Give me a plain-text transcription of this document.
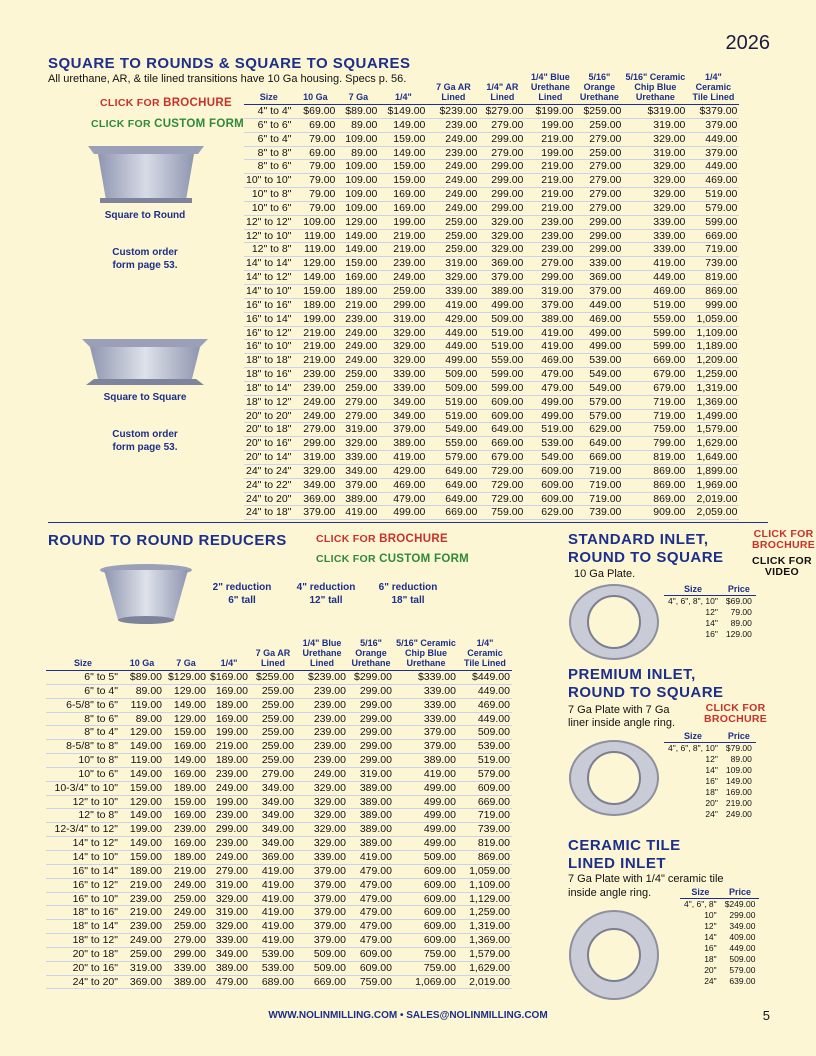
2026
SQUARE TO ROUNDS & SQUARE TO SQUARES
All urethane, AR, & tile lined transitions have 10 Ga housing. Specs p. 56.
CLICK FOR BROCHURE
CLICK FOR CUSTOM FORM
Square to Round
Custom order form page 53.
Square to Square
Custom order form page 53.
Size	10 Ga	7 Ga	1/4"	7 Ga AR Lined	1/4" AR Lined	1/4" Blue Urethane Lined	5/16" Orange Urethane	5/16" Ceramic Chip Blue Urethane	1/4" Ceramic Tile Lined
4" to 4"	$69.00	$89.00	$149.00	$239.00	$279.00	$199.00	$259.00	$319.00	$379.00
6" to 6"	69.00	89.00	149.00	239.00	279.00	199.00	259.00	319.00	379.00
6" to 4"	79.00	109.00	159.00	249.00	299.00	219.00	279.00	329.00	449.00
8" to 8"	69.00	89.00	149.00	239.00	279.00	199.00	259.00	319.00	379.00
8" to 6"	79.00	109.00	159.00	249.00	299.00	219.00	279.00	329.00	449.00
10" to 10"	79.00	109.00	159.00	249.00	299.00	219.00	279.00	329.00	469.00
10" to 8"	79.00	109.00	169.00	249.00	299.00	219.00	279.00	329.00	519.00
10" to 6"	79.00	109.00	169.00	249.00	299.00	219.00	279.00	329.00	579.00
12" to 12"	109.00	129.00	199.00	259.00	329.00	239.00	299.00	339.00	599.00
12" to 10"	119.00	149.00	219.00	259.00	329.00	239.00	299.00	339.00	669.00
12" to 8"	119.00	149.00	219.00	259.00	329.00	239.00	299.00	339.00	719.00
14" to 14"	129.00	159.00	239.00	319.00	369.00	279.00	339.00	419.00	739.00
14" to 12"	149.00	169.00	249.00	329.00	379.00	299.00	369.00	449.00	819.00
14" to 10"	159.00	189.00	259.00	339.00	389.00	319.00	379.00	469.00	869.00
16" to 16"	189.00	219.00	299.00	419.00	499.00	379.00	449.00	519.00	999.00
16" to 14"	199.00	239.00	319.00	429.00	509.00	389.00	469.00	559.00	1,059.00
16" to 12"	219.00	249.00	329.00	449.00	519.00	419.00	499.00	599.00	1,109.00
16" to 10"	219.00	249.00	329.00	449.00	519.00	419.00	499.00	599.00	1,189.00
18" to 18"	219.00	249.00	329.00	499.00	559.00	469.00	539.00	669.00	1,209.00
18" to 16"	239.00	259.00	339.00	509.00	599.00	479.00	549.00	679.00	1,259.00
18" to 14"	239.00	259.00	339.00	509.00	599.00	479.00	549.00	679.00	1,319.00
18" to 12"	249.00	279.00	349.00	519.00	609.00	499.00	579.00	719.00	1,369.00
20" to 20"	249.00	279.00	349.00	519.00	609.00	499.00	579.00	719.00	1,499.00
20" to 18"	279.00	319.00	379.00	549.00	649.00	519.00	629.00	759.00	1,579.00
20" to 16"	299.00	329.00	389.00	559.00	669.00	539.00	649.00	799.00	1,629.00
20" to 14"	319.00	339.00	419.00	579.00	679.00	549.00	669.00	819.00	1,649.00
24" to 24"	329.00	349.00	429.00	649.00	729.00	609.00	719.00	869.00	1,899.00
24" to 22"	349.00	379.00	469.00	649.00	729.00	609.00	719.00	869.00	1,969.00
24" to 20"	369.00	389.00	479.00	649.00	729.00	609.00	719.00	869.00	2,019.00
24" to 18"	379.00	419.00	499.00	669.00	759.00	629.00	739.00	909.00	2,059.00
ROUND TO ROUND REDUCERS	CLICK FOR BROCHURE
CLICK FOR CUSTOM FORM
2" reduction
6" tall
4" reduction
12" tall
6" reduction
18" tall
Size	10 Ga	7 Ga	1/4"	7 Ga AR Lined	1/4" Blue Urethane Lined	5/16" Orange Urethane	5/16" Ceramic Chip Blue Urethane	1/4" Ceramic Tile Lined
6" to 5"	$89.00	$129.00	$169.00	$259.00	$239.00	$299.00	$339.00	$449.00
6" to 4"	89.00	129.00	169.00	259.00	239.00	299.00	339.00	449.00
6-5/8" to 6"	119.00	149.00	189.00	259.00	239.00	299.00	339.00	469.00
8" to 6"	89.00	129.00	169.00	259.00	239.00	299.00	339.00	449.00
8" to 4"	129.00	159.00	199.00	259.00	239.00	299.00	379.00	509.00
8-5/8" to 8"	149.00	169.00	219.00	259.00	239.00	299.00	379.00	539.00
10" to 8"	119.00	149.00	189.00	259.00	239.00	299.00	389.00	519.00
10" to 6"	149.00	169.00	239.00	279.00	249.00	319.00	419.00	579.00
10-3/4" to 10"	159.00	189.00	249.00	349.00	329.00	389.00	499.00	609.00
12" to 10"	129.00	159.00	199.00	349.00	329.00	389.00	499.00	669.00
12" to 8"	149.00	169.00	239.00	349.00	329.00	389.00	499.00	719.00
12-3/4" to 12"	199.00	239.00	299.00	349.00	329.00	389.00	499.00	739.00
14" to 12"	149.00	169.00	239.00	349.00	329.00	389.00	499.00	819.00
14" to 10"	159.00	189.00	249.00	369.00	339.00	419.00	509.00	869.00
16" to 14"	189.00	219.00	279.00	419.00	379.00	479.00	609.00	1,059.00
16" to 12"	219.00	249.00	319.00	419.00	379.00	479.00	609.00	1,109.00
16" to 10"	239.00	259.00	329.00	419.00	379.00	479.00	609.00	1,129.00
18" to 16"	219.00	249.00	319.00	419.00	379.00	479.00	609.00	1,259.00
18" to 14"	239.00	259.00	329.00	419.00	379.00	479.00	609.00	1,319.00
18" to 12"	249.00	279.00	339.00	419.00	379.00	479.00	609.00	1,369.00
20" to 18"	259.00	299.00	349.00	539.00	509.00	609.00	759.00	1,579.00
20" to 16"	319.00	339.00	389.00	539.00	509.00	609.00	759.00	1,629.00
24" to 20"	369.00	389.00	479.00	689.00	669.00	759.00	1,069.00	2,019.00
STANDARD INLET,
ROUND TO SQUARE
CLICK FOR
BROCHURE
CLICK FOR
VIDEO
10 Ga Plate.
Size	Price
4", 6", 8", 10"	$69.00
12"	79.00
14"	89.00
16"	129.00
PREMIUM INLET,
ROUND TO SQUARE
7 Ga Plate with 7 Ga
liner inside angle ring.
CLICK FOR
BROCHURE
Size	Price
4", 6", 8", 10"	$79.00
12"	89.00
14"	109.00
16"	149.00
18"	169.00
20"	219.00
24"	249.00
CERAMIC TILE
LINED INLET
7 Ga Plate with 1/4" ceramic tile
inside angle ring.	Size	Price
4", 6", 8"	$249.00
10"	299.00
12"	349.00
14"	409.00
16"	449.00
18"	509.00
20"	579.00
24"	639.00
WWW.NOLINMILLING.COM • SALES@NOLINMILLING.COM	5
